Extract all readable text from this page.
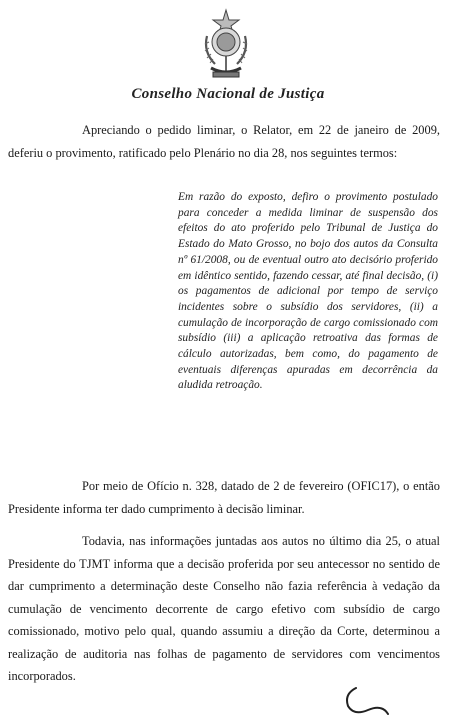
Conselho Nacional de Justiça

Apreciando o pedido liminar, o Relator, em 22 de janeiro de 2009, deferiu o provimento, ratificado pelo Plenário no dia 28, nos seguintes termos:

Em razão do exposto, defiro o provimento postulado para conceder a medida liminar de suspensão dos efeitos do ato proferido pelo Tribunal de Justiça do Estado do Mato Grosso, no bojo dos autos da Consulta nº 61/2008, ou de eventual outro ato decisório proferido em idêntico sentido, fazendo cessar, até final decisão, (i) os pagamentos de adicional por tempo de serviço incidentes sobre o subsídio dos servidores, (ii) a cumulação de incorporação de cargo comissionado com subsídio (iii) a aplicação retroativa das formas de cálculo autorizadas, bem como, do pagamento de eventuais diferenças apuradas em decorrência da aludida retroação.

Por meio de Ofício n. 328, datado de 2 de fevereiro (OFIC17), o então Presidente informa ter dado cumprimento à decisão liminar.

Todavia, nas informações juntadas aos autos no último dia 25, o atual Presidente do TJMT informa que a decisão proferida por seu antecessor no sentido de dar cumprimento a determinação deste Conselho não fazia referência à vedação da cumulação de vencimento decorrente de cargo efetivo com subsídio de cargo comissionado, motivo pelo qual, quando assumiu a direção da Corte, determinou a realização de auditoria nas folhas de pagamento de servidores com vencimentos incorporados.
